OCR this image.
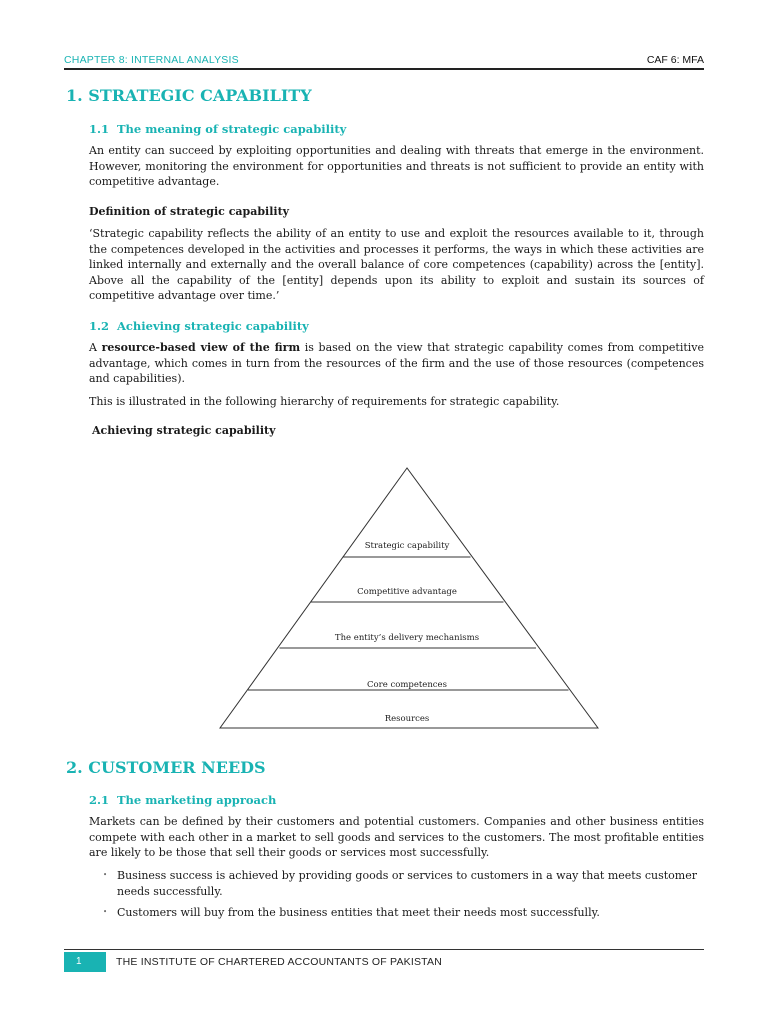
CHAPTER 8: INTERNAL ANALYSIS	CAF 6: MFA
1. STRATEGIC CAPABILITY
1.1 The meaning of strategic capability
An entity can succeed by exploiting opportunities and dealing with threats that emerge in the environment. However, monitoring the environment for opportunities and threats is not sufficient to provide an entity with competitive advantage.
Definition of strategic capability
‘Strategic capability reflects the ability of an entity to use and exploit the resources available to it, through the competences developed in the activities and processes it performs, the ways in which these activities are linked internally and externally and the overall balance of core competences (capability) across the [entity]. Above all the capability of the [entity] depends upon its ability to exploit and sustain its sources of competitive advantage over time.’
1.2 Achieving strategic capability
A resource-based view of the firm is based on the view that strategic capability comes from competitive advantage, which comes in turn from the resources of the firm and the use of those resources (competences and capabilities).
This is illustrated in the following hierarchy of requirements for strategic capability.
Achieving strategic capability
Strategic capability
Competitive advantage
The entity’s delivery mechanisms
Core competences
Resources
2. CUSTOMER NEEDS
2.1 The marketing approach
Markets can be defined by their customers and potential customers. Companies and other business entities compete with each other in a market to sell goods and services to the customers. The most profitable entities are likely to be those that sell their goods or services most successfully.
• Business success is achieved by providing goods or services to customers in a way that meets customer needs successfully.
• Customers will buy from the business entities that meet their needs most successfully.
1	THE INSTITUTE OF CHARTERED ACCOUNTANTS OF PAKISTAN
